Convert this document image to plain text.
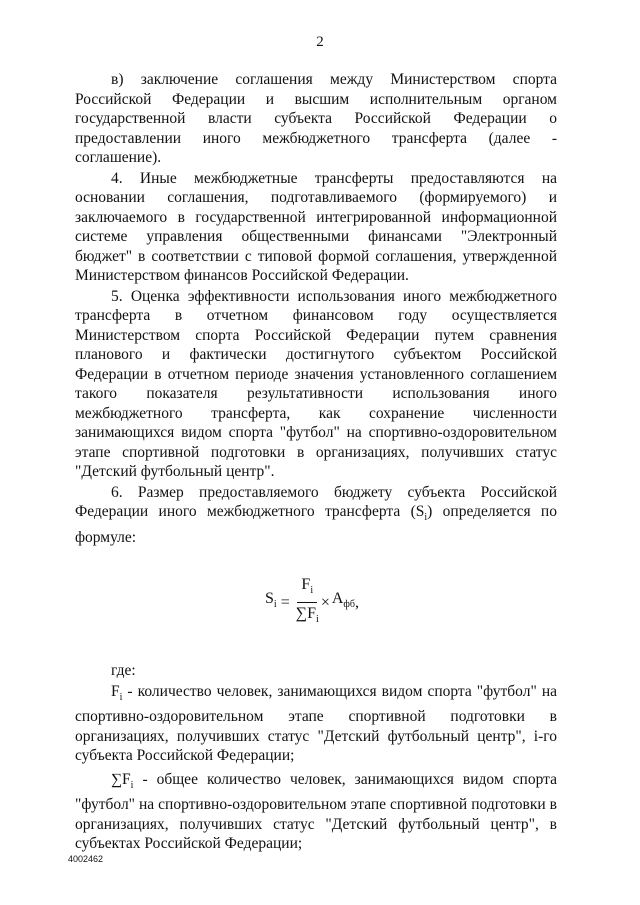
2

в) заключение соглашения между Министерством спорта Российской Федерации и высшим исполнительным органом государственной власти субъекта Российской Федерации о предоставлении иного межбюджетного трансферта (далее - соглашение).

4. Иные межбюджетные трансферты предоставляются на основании соглашения, подготавливаемого (формируемого) и заключаемого в государственной интегрированной информационной системе управления общественными финансами "Электронный бюджет" в соответствии с типовой формой соглашения, утвержденной Министерством финансов Российской Федерации.

5. Оценка эффективности использования иного межбюджетного трансферта в отчетном финансовом году осуществляется Министерством спорта Российской Федерации путем сравнения планового и фактически достигнутого субъектом Российской Федерации в отчетном периоде значения установленного соглашением такого показателя результативности использования иного межбюджетного трансферта, как сохранение численности занимающихся видом спорта "футбол" на спортивно-оздоровительном этапе спортивной подготовки в организациях, получивших статус "Детский футбольный центр".

6. Размер предоставляемого бюджету субъекта Российской Федерации иного межбюджетного трансферта $(S_i)$ определяется по формуле:

$S_i = \frac{F_i}{\sum F_i} \times A_{фб}$ ,

где:

$F_i$ - количество человек, занимающихся видом спорта "футбол" на спортивно-оздоровительном этапе спортивной подготовки в организациях, получивших статус "Детский футбольный центр", i-го субъекта Российской Федерации;

$\sum F_i$ - общее количество человек, занимающихся видом спорта "футбол" на спортивно-оздоровительном этапе спортивной подготовки в организациях, получивших статус "Детский футбольный центр", в субъектах Российской Федерации;

4002462
